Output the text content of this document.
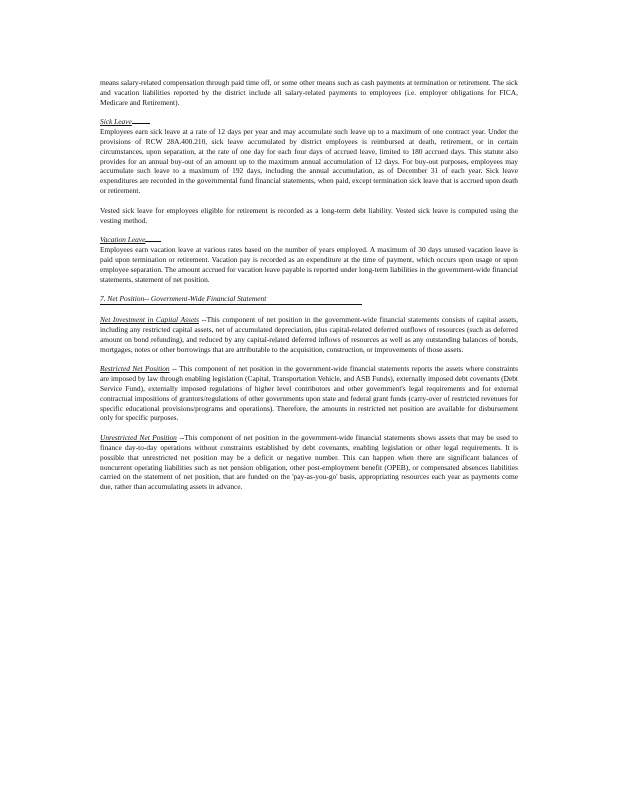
means salary-related compensation through paid time off, or some other means such as cash payments at termination or retirement. The sick and vacation liabilities reported by the district include all salary-related payments to employees (i.e. employer obligations for FICA, Medicare and Retirement).

Sick Leave

Employees earn sick leave at a rate of 12 days per year and may accumulate such leave up to a maximum of one contract year. Under the provisions of RCW 28A.400.210, sick leave accumulated by district employees is reimbursed at death, retirement, or in certain circumstances, upon separation, at the rate of one day for each four days of accrued leave, limited to 180 accrued days. This statute also provides for an annual buy-out of an amount up to the maximum annual accumulation of 12 days. For buy-out purposes, employees may accumulate such leave to a maximum of 192 days, including the annual accumulation, as of December 31 of each year. Sick leave expenditures are recorded in the governmental fund financial statements, when paid, except termination sick leave that is accrued upon death or retirement.

Vested sick leave for employees eligible for retirement is recorded as a long-term debt liability. Vested sick leave is computed using the vesting method.

Vacation Leave

Employees earn vacation leave at various rates based on the number of years employed. A maximum of 30 days unused vacation leave is paid upon termination or retirement. Vacation pay is recorded as an expenditure at the time of payment, which occurs upon usage or upon employee separation. The amount accrued for vacation leave payable is reported under long-term liabilities in the government-wide financial statements, statement of net position.

7. Net Position-- Government-Wide Financial Statement

Net Investment in Capital Assets --This component of net position in the government-wide financial statements consists of capital assets, including any restricted capital assets, net of accumulated depreciation, plus capital-related deferred outflows of resources (such as deferred amount on bond refunding), and reduced by any capital-related deferred inflows of resources as well as any outstanding balances of bonds, mortgages, notes or other borrowings that are attributable to the acquisition, construction, or improvements of those assets.

Restricted Net Position -- This component of net position in the government-wide financial statements reports the assets where constraints are imposed by law through enabling legislation (Capital, Transportation Vehicle, and ASB Funds), externally imposed debt covenants (Debt Service Fund), externally imposed regulations of higher level contributors and other government's legal requirements and for external contractual impositions of grantors/regulations of other governments upon state and federal grant funds (carry-over of restricted revenues for specific educational provisions/programs and operations). Therefore, the amounts in restricted net position are available for disbursement only for specific purposes.

Unrestricted Net Position --This component of net position in the government-wide financial statements shows assets that may be used to finance day-to-day operations without constraints established by debt covenants, enabling legislation or other legal requirements. It is possible that unrestricted net position may be a deficit or negative number. This can happen when there are significant balances of noncurrent operating liabilities such as net pension obligation, other post-employment benefit (OPEB), or compensated absences liabilities carried on the statement of net position, that are funded on the 'pay-as-you-go' basis, appropriating resources each year as payments come due, rather than accumulating assets in advance.
